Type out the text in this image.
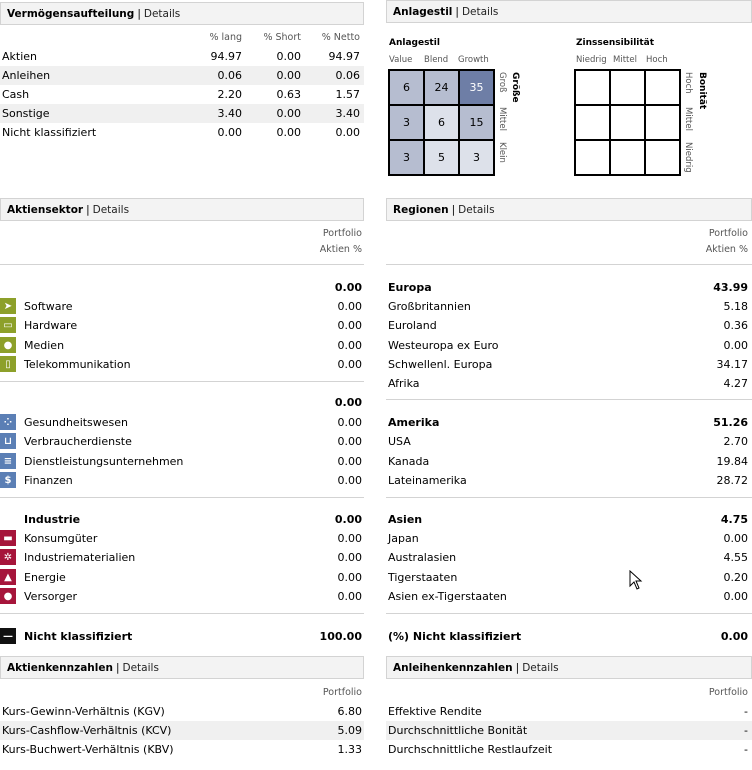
Vermögensaufteilung | Details
% lang	% Short	% Netto
Aktien	94.97	0.00	94.97
Anleihen	0.06	0.00	0.06
Cash	2.20	0.63	1.57
Sonstige	3.40	0.00	3.40
Nicht klassifiziert	0.00	0.00	0.00
Anlagestil | Details
Anlagestil
Value Blend Growth
6	24	35
3	6	15
3	5	3
Groß
Mittel
Klein
Größe
Zinssensibilität
Niedrig Mittel Hoch
Hoch
Mittel
Niedrig
Bonität
Aktiensektor | Details
Portfolio
Aktien %
0.00
➤	Software	0.00
▭ Hardware	0.00
●	Medien	0.00
▯	Telekommunikation	0.00
0.00
⁘	Gesundheitswesen	0.00
⊔	Verbraucherdienste	0.00
≡	Dienstleistungsunternehmen	0.00
$	Finanzen	0.00
Industrie	0.00
▬ Konsumgüter	0.00
✲	Industriematerialien	0.00
▲	Energie	0.00
●	Versorger	0.00
— Nicht klassifiziert	100.00
Regionen | Details
Portfolio
Aktien %
Europa	43.99
Großbritannien	5.18
Euroland	0.36
Westeuropa ex Euro	0.00
Schwellenl. Europa	34.17
Afrika	4.27
Amerika	51.26
USA	2.70
Kanada	19.84
Lateinamerika	28.72
Asien	4.75
Japan	0.00
Australasien	4.55
Tigerstaaten	0.20
Asien ex-Tigerstaaten	0.00
(%) Nicht klassifiziert	0.00
Aktienkennzahlen | Details
Portfolio
Kurs-Gewinn-Verhältnis (KGV)	6.80
Kurs-Cashflow-Verhältnis (KCV)	5.09
Kurs-Buchwert-Verhältnis (KBV)	1.33
Anleihenkennzahlen | Details
Portfolio
Effektive Rendite	-
Durchschnittliche Bonität	-
Durchschnittliche Restlaufzeit	-
